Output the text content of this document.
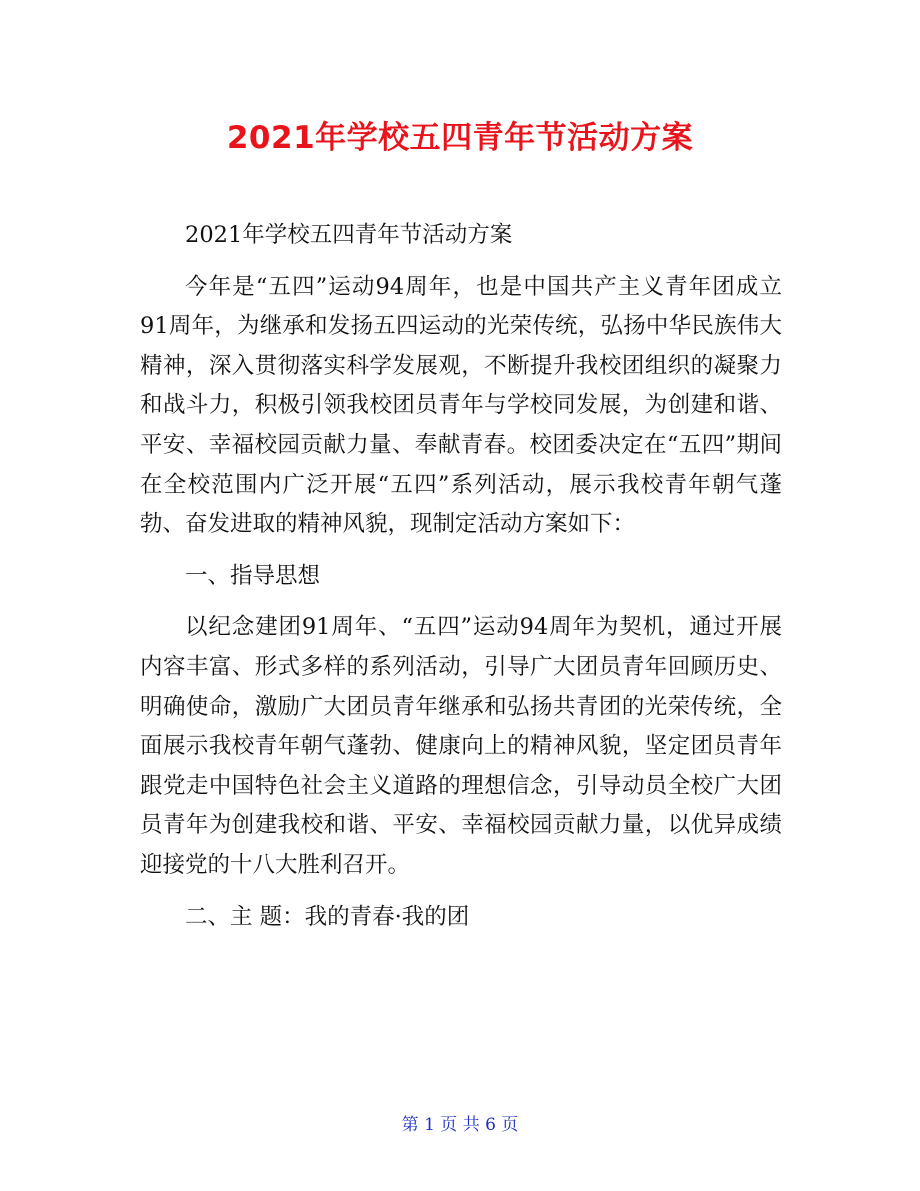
2021年学校五四青年节活动方案

2021年学校五四青年节活动方案

今年是“五四”运动94周年，也是中国共产主义青年团成立91周年，为继承和发扬五四运动的光荣传统，弘扬中华民族伟大精神，深入贯彻落实科学发展观，不断提升我校团组织的凝聚力和战斗力，积极引领我校团员青年与学校同发展，为创建和谐、平安、幸福校园贡献力量、奉献青春。校团委决定在“五四”期间在全校范围内广泛开展“五四”系列活动，展示我校青年朝气蓬勃、奋发进取的精神风貌，现制定活动方案如下：

一、指导思想

以纪念建团91周年、“五四”运动94周年为契机，通过开展内容丰富、形式多样的系列活动，引导广大团员青年回顾历史、明确使命，激励广大团员青年继承和弘扬共青团的光荣传统，全面展示我校青年朝气蓬勃、健康向上的精神风貌，坚定团员青年跟党走中国特色社会主义道路的理想信念，引导动员全校广大团员青年为创建我校和谐、平安、幸福校园贡献力量，以优异成绩迎接党的十八大胜利召开。

二、主 题：我的青春·我的团

第 1 页 共 6 页
